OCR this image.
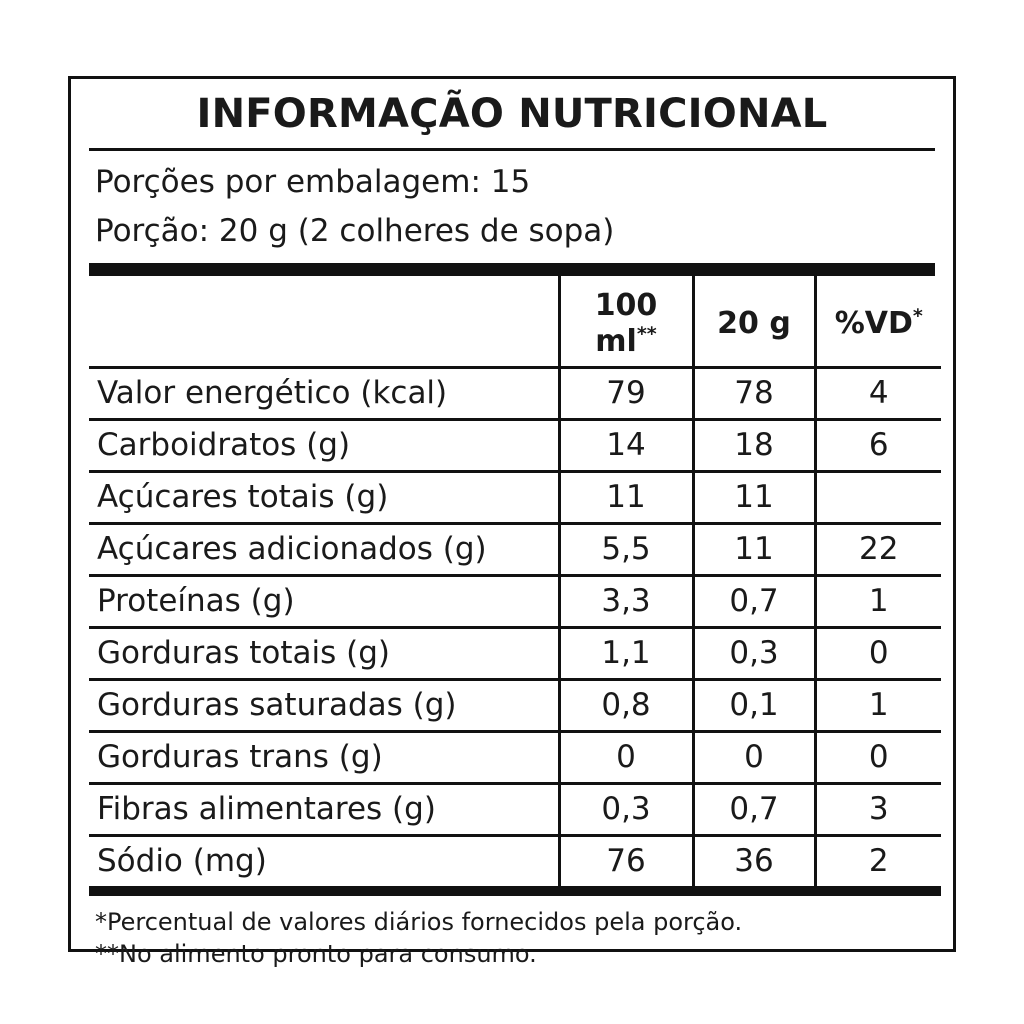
INFORMAÇÃO NUTRICIONAL
Porções por embalagem: 15
Porção: 20 g (2 colheres de sopa)
	100 ml**	20 g	%VD*
Valor energético (kcal)	79	78	4
Carboidratos (g)	14	18	6
Açúcares totais (g)	11	11	
Açúcares adicionados (g)	5,5	11	22
Proteínas (g)	3,3	0,7	1
Gorduras totais (g)	1,1	0,3	0
Gorduras saturadas (g)	0,8	0,1	1
Gorduras trans (g)	0	0	0
Fibras alimentares (g)	0,3	0,7	3
Sódio (mg)	76	36	2
*Percentual de valores diários fornecidos pela porção.
**No alimento pronto para consumo.
